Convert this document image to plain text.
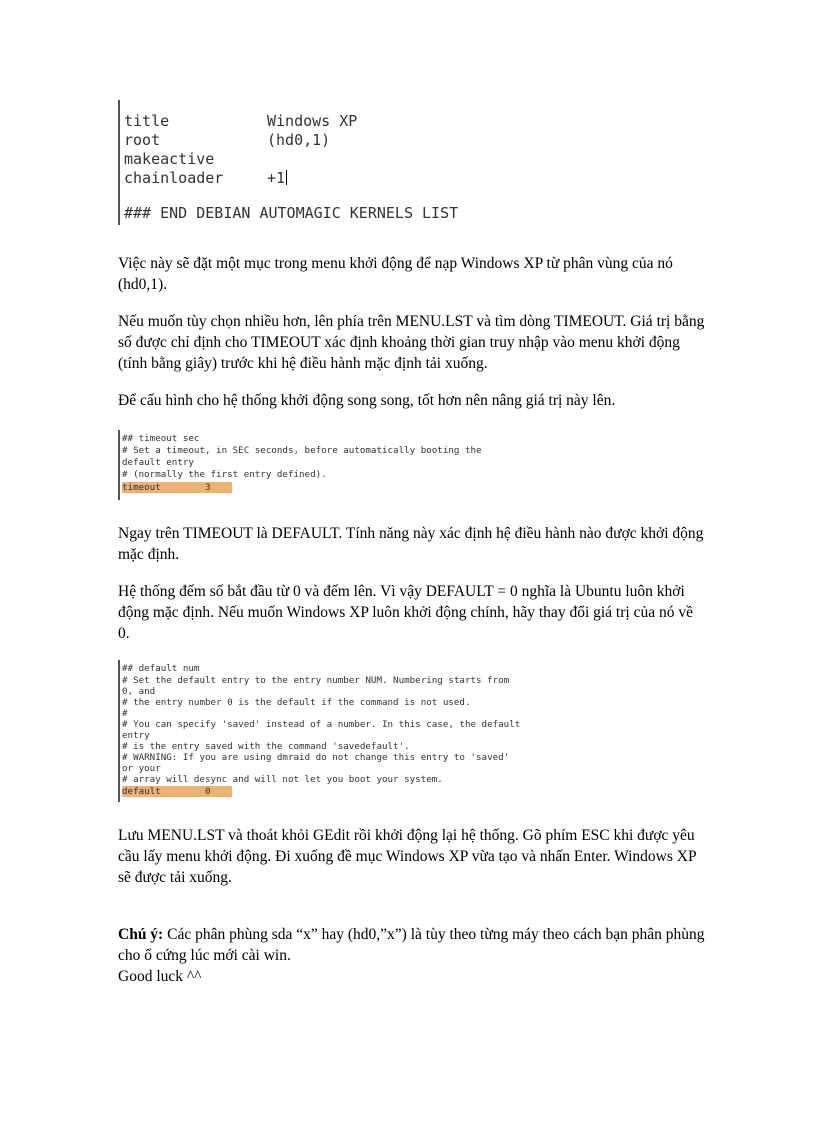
title	Windows XP
root	(hd0,1)
makeactive
chainloader	+1
### END DEBIAN AUTOMAGIC KERNELS LIST

Việc này sẽ đặt một mục trong menu khởi động để nạp Windows XP từ phân vùng của nó (hd0,1).

Nếu muốn tùy chọn nhiều hơn, lên phía trên MENU.LST và tìm dòng TIMEOUT. Giá trị bằng số được chỉ định cho TIMEOUT xác định khoảng thời gian truy nhập vào menu khởi động (tính bằng giây) trước khi hệ điều hành mặc định tải xuống.

Để cấu hình cho hệ thống khởi động song song, tốt hơn nên nâng giá trị này lên.

## timeout sec
# Set a timeout, in SEC seconds, before automatically booting the
default entry
# (normally the first entry defined).
timeout        3

Ngay trên TIMEOUT là DEFAULT. Tính năng này xác định hệ điều hành nào được khởi động mặc định.

Hệ thống đếm số bắt đầu từ 0 và đếm lên. Vì vậy DEFAULT = 0 nghĩa là Ubuntu luôn khởi động mặc định. Nếu muốn Windows XP luôn khởi động chính, hãy thay đổi giá trị của nó về 0.

## default num
# Set the default entry to the entry number NUM. Numbering starts from
0, and
# the entry number 0 is the default if the command is not used.
#
# You can specify 'saved' instead of a number. In this case, the default
entry
# is the entry saved with the command 'savedefault'.
# WARNING: If you are using dmraid do not change this entry to 'saved'
or your
# array will desync and will not let you boot your system.
default        0

Lưu MENU.LST và thoát khỏi GEdit rồi khởi động lại hệ thống. Gõ phím ESC khi được yêu cầu lấy menu khởi động. Đi xuống đề mục Windows XP vừa tạo và nhấn Enter. Windows XP sẽ được tải xuống.

Chú ý: Các phân phùng sda “x” hay (hd0,”x”) là tùy theo từng máy theo cách bạn phân phùng cho ổ cứng lúc mới cài win.

Good luck ^^
